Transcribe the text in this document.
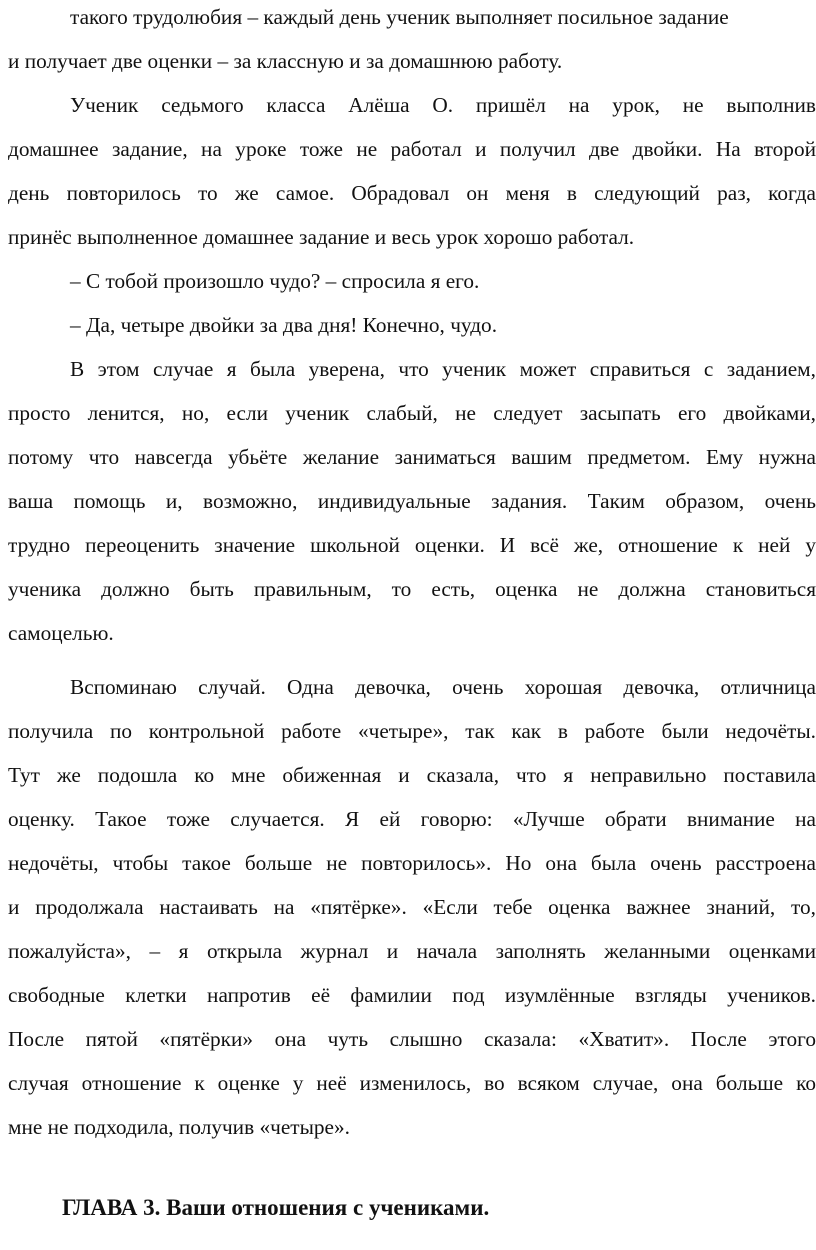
такого трудолюбия – каждый день ученик выполняет посильное задание
и получает две оценки – за классную и за домашнюю работу.
Ученик седьмого класса Алёша О. пришёл на урок, не выполнив
домашнее задание, на уроке тоже не работал и получил две двойки. На второй
день повторилось то же самое. Обрадовал он меня в следующий раз, когда
принёс выполненное домашнее задание и весь урок хорошо работал.
– С тобой произошло чудо? – спросила я его.
– Да, четыре двойки за два дня! Конечно, чудо.
В этом случае я была уверена, что ученик может справиться с заданием,
просто ленится, но, если ученик слабый, не следует засыпать его двойками,
потому что навсегда убьёте желание заниматься вашим предметом. Ему нужна
ваша помощь и, возможно, индивидуальные задания. Таким образом, очень
трудно переоценить значение школьной оценки. И всё же, отношение к ней у
ученика должно быть правильным, то есть, оценка не должна становиться
самоцелью.
Вспоминаю случай. Одна девочка, очень хорошая девочка, отличница
получила по контрольной работе «четыре», так как в работе были недочёты.
Тут же подошла ко мне обиженная и сказала, что я неправильно поставила
оценку. Такое тоже случается. Я ей говорю: «Лучше обрати внимание на
недочёты, чтобы такое больше не повторилось». Но она была очень расстроена
и продолжала настаивать на «пятёрке». «Если тебе оценка важнее знаний, то,
пожалуйста», – я открыла журнал и начала заполнять желанными оценками
свободные клетки напротив её фамилии под изумлённые взгляды учеников.
После пятой «пятёрки» она чуть слышно сказала: «Хватит». После этого
случая отношение к оценке у неё изменилось, во всяком случае, она больше ко
мне не подходила, получив «четыре».
ГЛАВА 3. Ваши отношения с учениками.
